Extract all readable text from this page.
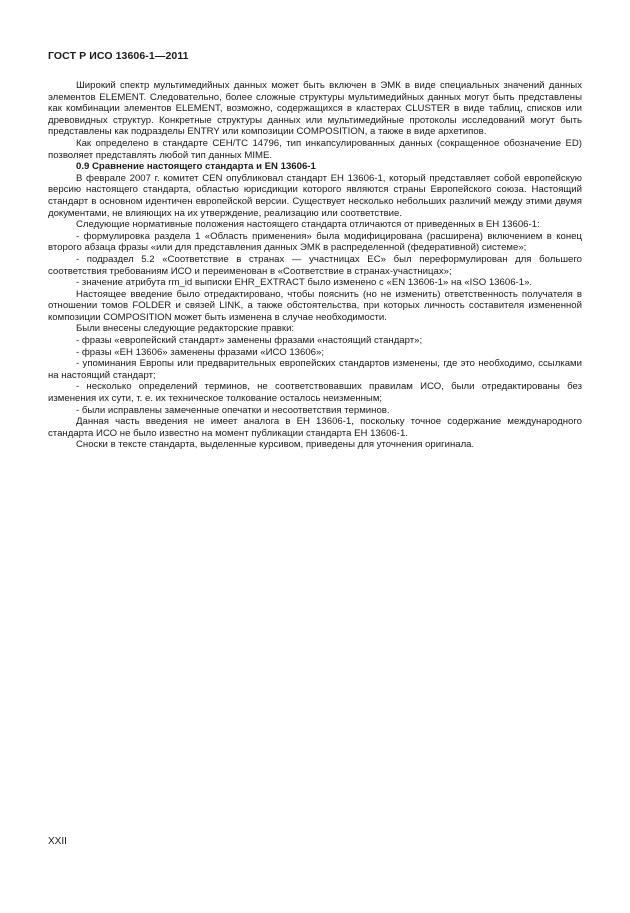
ГОСТ Р ИСО 13606-1—2011

Широкий спектр мультимедийных данных может быть включен в ЭМК в виде специальных значений данных элементов ELEMENT. Следовательно, более сложные структуры мультимедийных данных могут быть представлены как комбинации элементов ELEMENT, возможно, содержащихся в кластерах CLUSTER в виде таблиц, списков или древовидных структур. Конкретные структуры данных или мультимедийные протоколы исследований могут быть представлены как подразделы ENTRY или композиции COMPOSITION, а также в виде архетипов.

Как определено в стандарте CEH/TC 14796, тип инкапсулированных данных (сокращенное обозначение ED) позволяет представлять любой тип данных MIME.

0.9 Сравнение настоящего стандарта и EN 13606-1

В феврале 2007 г. комитет CEN опубликовал стандарт EH 13606-1, который представляет собой европейскую версию настоящего стандарта, областью юрисдикции которого являются страны Европейского союза. Настоящий стандарт в основном идентичен европейской версии. Существует несколько небольших различий между этими двумя документами, не влияющих на их утверждение, реализацию или соответствие.

Следующие нормативные положения настоящего стандарта отличаются от приведенных в EH 13606-1:

- формулировка раздела 1 «Область применения» была модифицирована (расширена) включением в конец второго абзаца фразы «или для представления данных ЭМК в распределенной (федеративной) системе»;

- подраздел 5.2 «Соответствие в странах — участницах ЕС» был переформулирован для большего соответствия требованиям ИСО и переименован в «Соответствие в странах-участницах»;

- значение атрибута rm_id выписки EHR_EXTRACT было изменено с «EN 13606-1» на «ISO 13606-1».

Настоящее введение было отредактировано, чтобы пояснить (но не изменить) ответственность получателя в отношении томов FOLDER и связей LINK, а также обстоятельства, при которых личность составителя измененной композиции COMPOSITION может быть изменена в случае необходимости.

Были внесены следующие редакторские правки:

- фразы «европейский стандарт» заменены фразами «настоящий стандарт»;

- фразы «EH 13606» заменены фразами «ИСО 13606»;

- упоминания Европы или предварительных европейских стандартов изменены, где это необходимо, ссылками на настоящий стандарт;

- несколько определений терминов, не соответствовавших правилам ИСО, были отредактированы без изменения их сути, т. е. их техническое толкование осталось неизменным;

- были исправлены замеченные опечатки и несоответствия терминов.

Данная часть введения не имеет аналога в EH 13606-1, поскольку точное содержание международного стандарта ИСО не было известно на момент публикации стандарта EH 13606-1.

Сноски в тексте стандарта, выделенные курсивом, приведены для уточнения оригинала.

XXII
